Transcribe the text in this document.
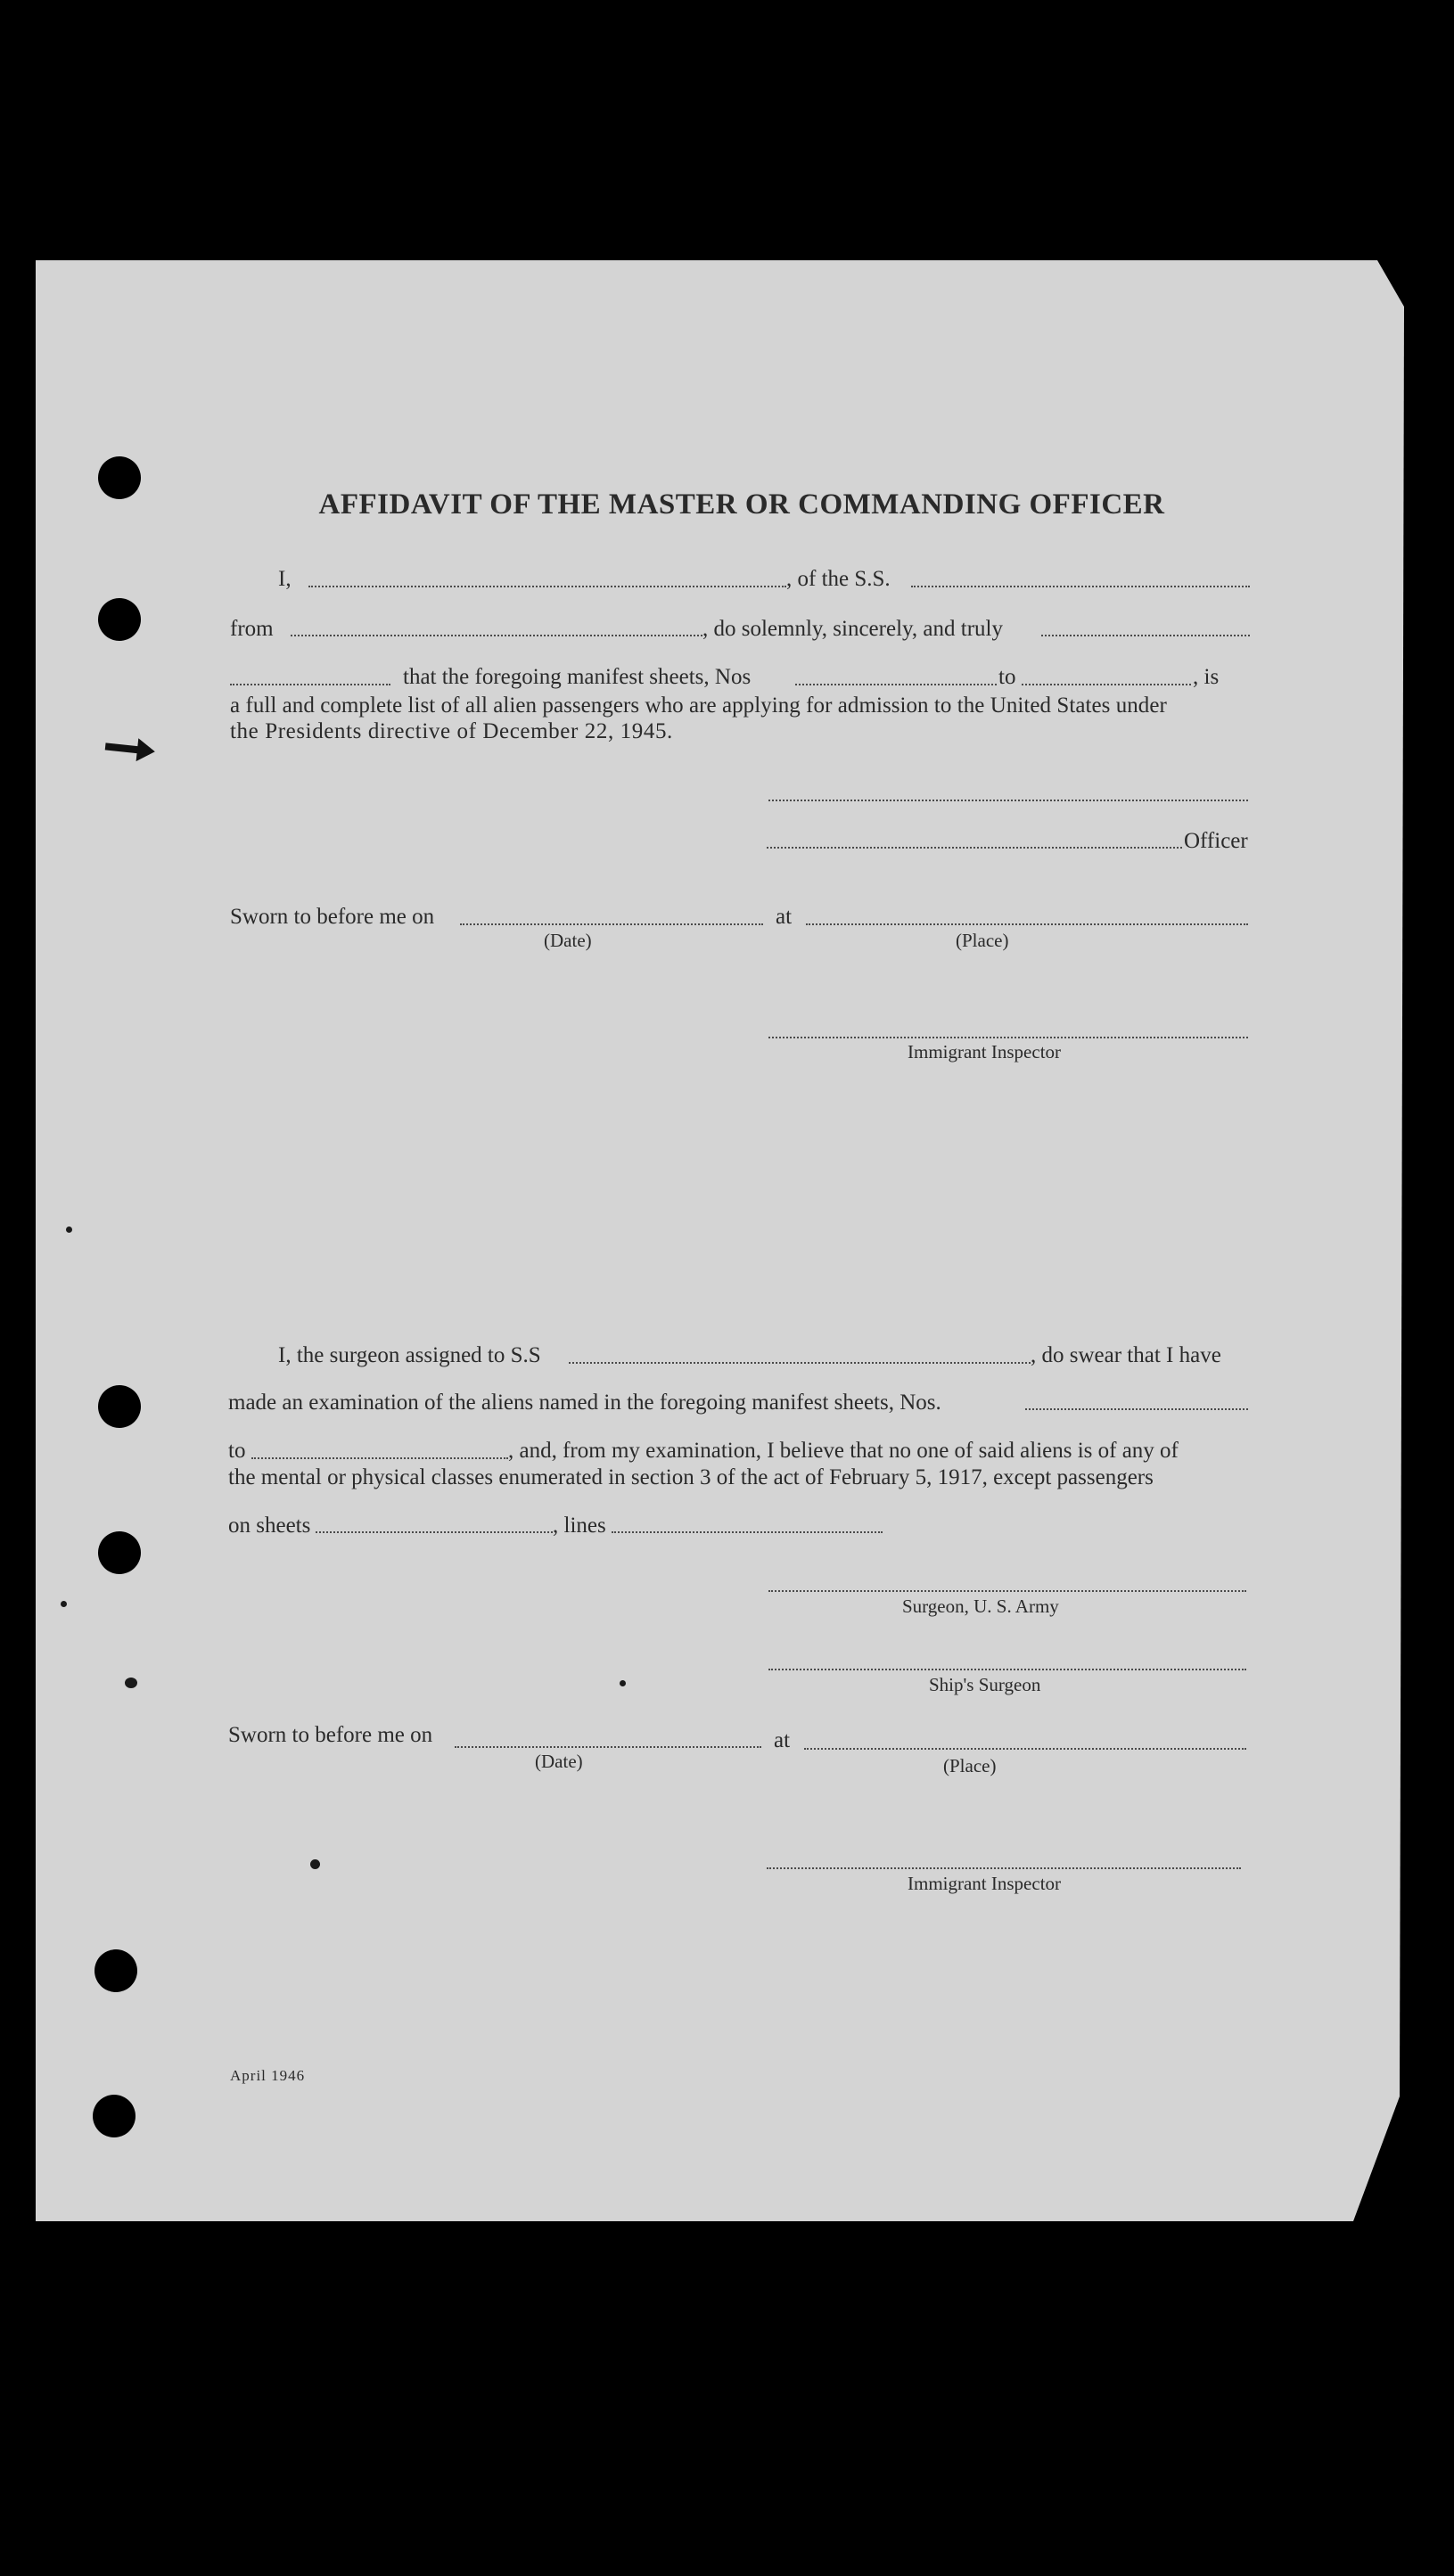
AFFIDAVIT OF THE MASTER OR COMMANDING OFFICER
I,	, of the S.S.
from	, do solemnly, sincerely, and truly
that the foregoing manifest sheets, Nos	to	, is
a full and complete list of all alien passengers who are applying for admission to the United States under
the Presidents directive of December 22, 1945.
Officer
Sworn to before me on	at
(Date)	(Place)
Immigrant Inspector
I, the surgeon assigned to S.S	, do swear that I have
made an examination of the aliens named in the foregoing manifest sheets, Nos.
to	, and, from my examination, I believe that no one of said aliens is of any of
the mental or physical classes enumerated in section 3 of the act of February 5, 1917, except passengers
on sheets	, lines
Surgeon, U. S. Army
Ship's Surgeon
Sworn to before me on	at
(Date)	(Place)
Immigrant Inspector
April 1946
